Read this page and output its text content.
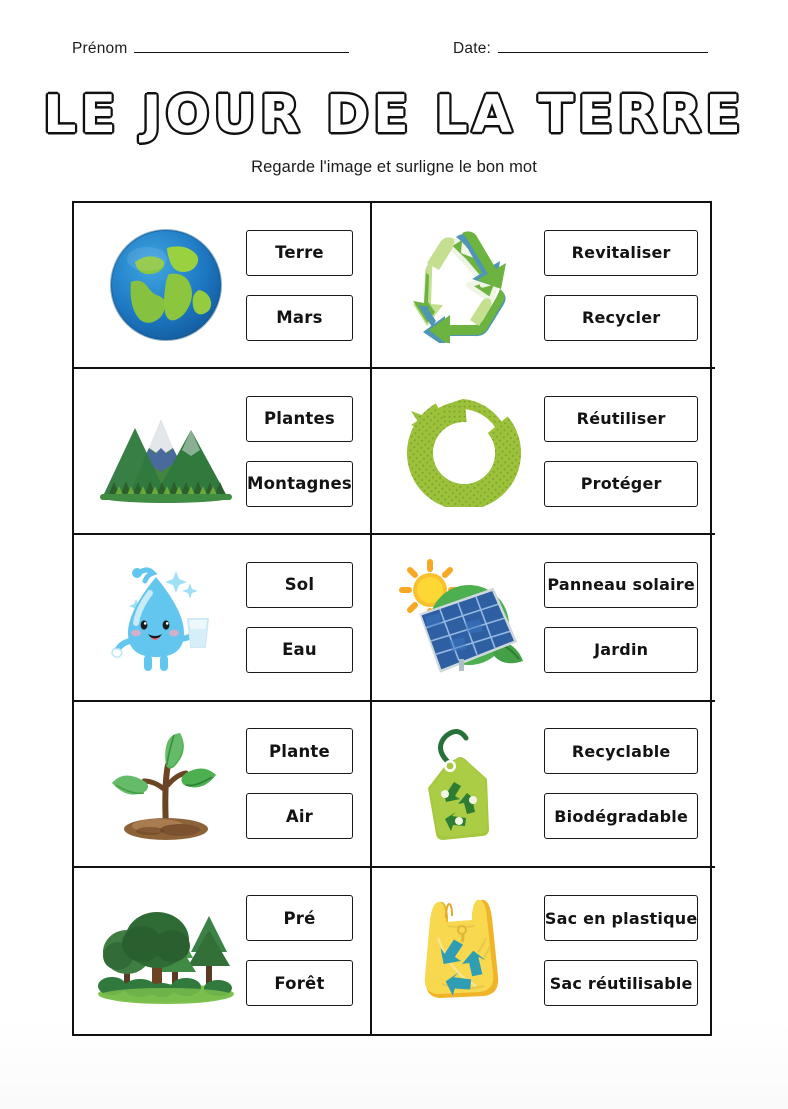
Prénom	Date:
LE JOUR DE LA TERRE
Regarde l'image et surligne le bon mot
Terre
Mars
Revitaliser
Recycler
Plantes
Montagnes
Réutiliser
Protéger
Sol
Eau
Panneau solaire
Jardin
Plante
Air
Recyclable
Biodégradable
Pré
Forêt
Sac en plastique
Sac réutilisable
